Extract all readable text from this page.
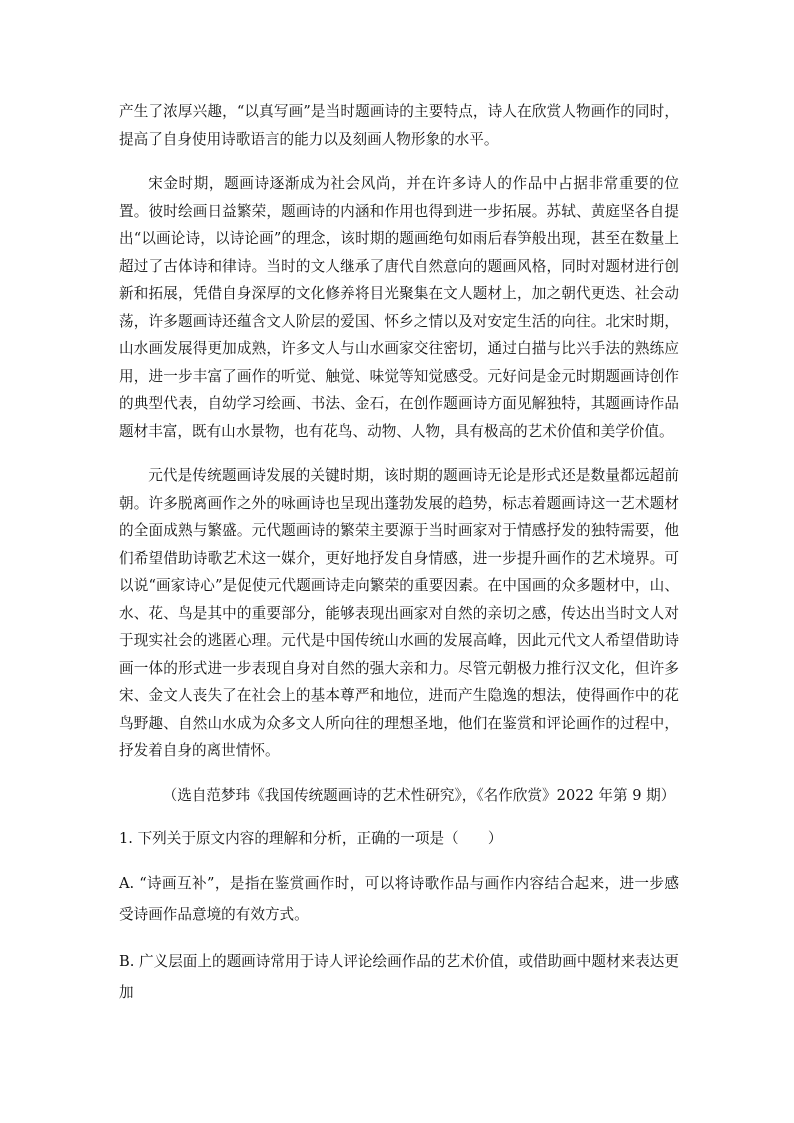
产生了浓厚兴趣，“以真写画”是当时题画诗的主要特点，诗人在欣赏人物画作的同时，提高了自身使用诗歌语言的能力以及刻画人物形象的水平。

宋金时期，题画诗逐渐成为社会风尚，并在许多诗人的作品中占据非常重要的位置。彼时绘画日益繁荣，题画诗的内涵和作用也得到进一步拓展。苏轼、黄庭坚各自提出“以画论诗，以诗论画”的理念，该时期的题画绝句如雨后春笋般出现，甚至在数量上超过了古体诗和律诗。当时的文人继承了唐代自然意向的题画风格，同时对题材进行创新和拓展，凭借自身深厚的文化修养将目光聚集在文人题材上，加之朝代更迭、社会动荡，许多题画诗还蕴含文人阶层的爱国、怀乡之情以及对安定生活的向往。北宋时期，山水画发展得更加成熟，许多文人与山水画家交往密切，通过白描与比兴手法的熟练应用，进一步丰富了画作的听觉、触觉、味觉等知觉感受。元好问是金元时期题画诗创作的典型代表，自幼学习绘画、书法、金石，在创作题画诗方面见解独特，其题画诗作品题材丰富，既有山水景物，也有花鸟、动物、人物，具有极高的艺术价值和美学价值。

元代是传统题画诗发展的关键时期，该时期的题画诗无论是形式还是数量都远超前朝。许多脱离画作之外的咏画诗也呈现出蓬勃发展的趋势，标志着题画诗这一艺术题材的全面成熟与繁盛。元代题画诗的繁荣主要源于当时画家对于情感抒发的独特需要，他们希望借助诗歌艺术这一媒介，更好地抒发自身情感，进一步提升画作的艺术境界。可以说“画家诗心”是促使元代题画诗走向繁荣的重要因素。在中国画的众多题材中，山、水、花、鸟是其中的重要部分，能够表现出画家对自然的亲切之感，传达出当时文人对于现实社会的逃匿心理。元代是中国传统山水画的发展高峰，因此元代文人希望借助诗画一体的形式进一步表现自身对自然的强大亲和力。尽管元朝极力推行汉文化，但许多宋、金文人丧失了在社会上的基本尊严和地位，进而产生隐逸的想法，使得画作中的花鸟野趣、自然山水成为众多文人所向往的理想圣地，他们在鉴赏和评论画作的过程中，抒发着自身的离世情怀。

（选自范梦玮《我国传统题画诗的艺术性研究》，《名作欣赏》2022 年第 9 期）

1. 下列关于原文内容的理解和分析，正确的一项是（　　）

A. “诗画互补”，是指在鉴赏画作时，可以将诗歌作品与画作内容结合起来，进一步感受诗画作品意境的有效方式。

B. 广义层面上的题画诗常用于诗人评论绘画作品的艺术价值，或借助画中题材来表达更加
